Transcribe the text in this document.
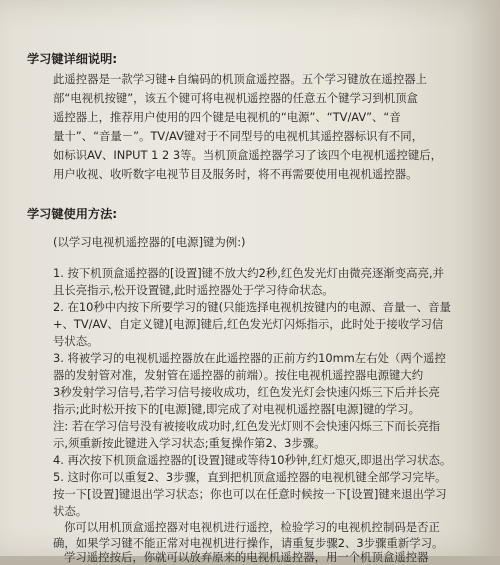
学习键详细说明:
此遥控器是一款学习键+自编码的机顶盒遥控器。五个学习键放在遥控器上
部“电视机按键”，该五个键可将电视机遥控器的任意五个键学习到机顶盒
遥控器上，推荐用户使用的四个键是电视机的“电源”、“TV/AV”、“音
量十”、“音量－”。TV/AV键对于不同型号的电视机其遥控器标识有不同，
如标识AV、INPUT 1 2 3等。当机顶盒遥控器学习了该四个电视机遥控键后，
用户收视、收听数字电视节目及服务时，将不再需要使用电视机遥控器。
学习键使用方法:
(以学习电视机遥控器的[电源]键为例:)
1. 按下机顶盒遥控器的[设置]键不放大约2秒,红色发光灯由微亮逐渐变高亮,并
且长亮指示,松开设置键,此时遥控器处于学习待命状态。
2. 在10秒中内按下所要学习的键(只能选择电视机按键内的电源、音量一、音量
+、TV/AV、自定义键)[电源]键后,红色发光灯闪烁指示，此时处于接收学习信
号状态。
3. 将被学习的电视机遥控器放在此遥控器的正前方约10mm左右处（两个遥控
器的发射管对准，发射管在遥控器的前端）。按住电视机遥控器电源键大约
3秒发射学习信号,若学习信号接收成功，红色发光灯会快速闪烁三下后并长亮
指示;此时松开按下的[电源]键,即完成了对电视机遥控器[电源]键的学习。
注: 若在学习信号没有被接收成功时,红色发光灯则不会快速闪烁三下而长亮指
示,须重新按此键进入学习状态;重复操作第2、3步骤。
4. 再次按下机顶盒遥控器的[设置]键或等待10秒钟,红灯熄灭,即退出学习状态。
5. 这时你可以重复2、3步骤，直到把机顶盒遥控器的电视机键全部学习完毕。
按一下[设置]键退出学习状态；你也可以在任意时候按一下[设置]键来退出学习
状态。
你可以用机顶盒遥控器对电视机进行遥控，检验学习的电视机控制码是否正
确，如果学习键不能正常对电视机进行操作，请重复步骤2、3步骤重新学习。
学习遥控按后，你就可以放弃原来的电视机遥控器，用一个机顶盒遥控器
